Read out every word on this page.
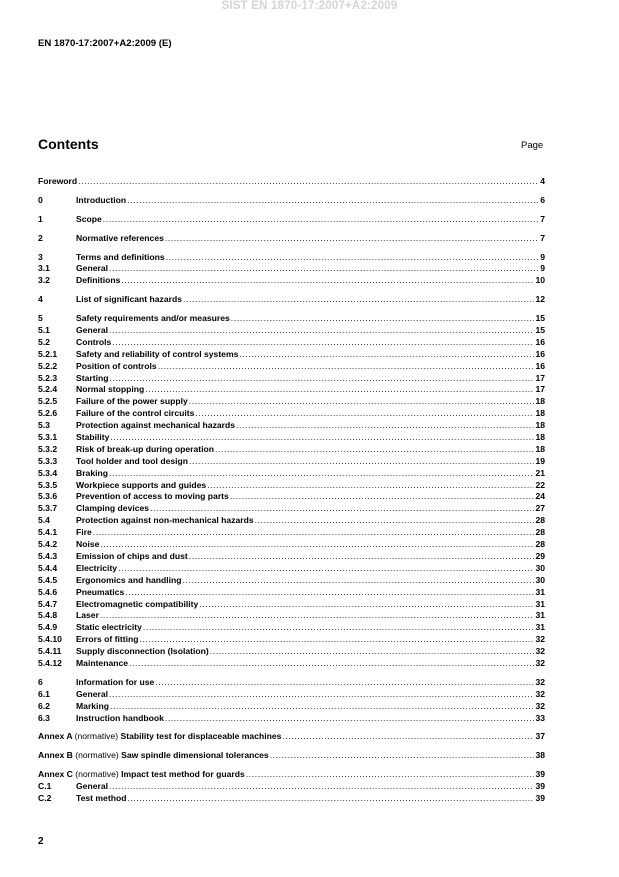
SIST EN 1870-17:2007+A2:2009
EN 1870-17:2007+A2:2009 (E)
Contents	Page
Foreword .....	4
0	Introduction .....	6
1	Scope .....	7
2	Normative references .....	7
3	Terms and definitions .....	9
3.1	General .....	9
3.2	Definitions .....	10
4	List of significant hazards .....	12
5	Safety requirements and/or measures .....	15
5.1	General .....	15
5.2	Controls .....	16
5.2.1	Safety and reliability of control systems .....	16
5.2.2	Position of controls .....	16
5.2.3	Starting .....	17
5.2.4	Normal stopping .....	17
5.2.5	Failure of the power supply .....	18
5.2.6	Failure of the control circuits .....	18
5.3	Protection against mechanical hazards .....	18
5.3.1	Stability .....	18
5.3.2	Risk of break-up during operation .....	18
5.3.3	Tool holder and tool design .....	19
5.3.4	Braking .....	21
5.3.5	Workpiece supports and guides .....	22
5.3.6	Prevention of access to moving parts .....	24
5.3.7	Clamping devices .....	27
5.4	Protection against non-mechanical hazards .....	28
5.4.1	Fire .....	28
5.4.2	Noise .....	28
5.4.3	Emission of chips and dust .....	29
5.4.4	Electricity .....	30
5.4.5	Ergonomics and handling .....	30
5.4.6	Pneumatics .....	31
5.4.7	Electromagnetic compatibility .....	31
5.4.8	Laser .....	31
5.4.9	Static electricity .....	31
5.4.10	Errors of fitting .....	32
5.4.11	Supply disconnection (Isolation) .....	32
5.4.12	Maintenance .....	32
6	Information for use .....	32
6.1	General .....	32
6.2	Marking .....	32
6.3	Instruction handbook .....	33
Annex A (normative) Stability test for displaceable machines .....	37
Annex B (normative) Saw spindle dimensional tolerances .....	38
Annex C (normative) Impact test method for guards .....	39
C.1	General .....	39
C.2	Test method .....	39
2
